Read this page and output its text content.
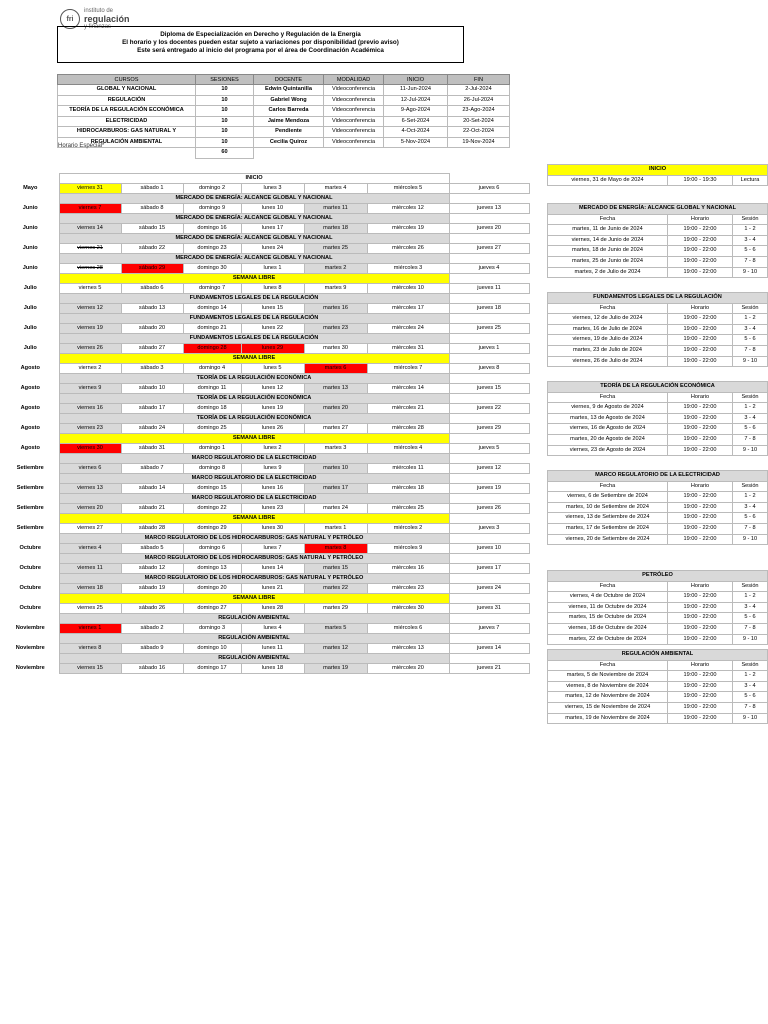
fri
instituto de
regulación
y finanzas
Diploma de Especialización en Derecho y Regulación de la Energía
El horario y los docentes pueden estar sujeto a variaciones por disponibilidad (previo aviso)
Este será entregado al inicio del programa por el área de Coordinación Académica
CURSOS	SESIONES	DOCENTE	MODALIDAD	INICIO	FIN
GLOBAL Y NACIONAL	10	Edwin Quintanilla	Videoconferencia	11-Jun-2024	2-Jul-2024
REGULACIÓN	10	Gabriel Wong	Videoconferencia	12-Jul-2024	26-Jul-2024
TEORÍA DE LA REGULACIÓN ECONÓMICA	10	Carlos Barreda	Videoconferencia	9-Ago-2024	23-Ago-2024
ELECTRICIDAD	10	Jaime Mendoza	Videoconferencia	6-Set-2024	20-Set-2024
HIDROCARBUROS: GAS NATURAL Y	10	Pendiente	Videoconferencia	4-Oct-2024	22-Oct-2024
REGULACIÓN AMBIENTAL	10	Cecilia Quiroz	Videoconferencia	5-Nov-2024	19-Nov-2024
	60				
Horario Especial*
	INICIO						
Mayo	viernes 31	sábado 1	domingo 2	lunes 3	martes 4	miércoles 5	jueves 6
	MERCADO DE ENERGÍA: ALCANCE GLOBAL Y NACIONAL						
Junio	viernes 7	sábado 8	domingo 9	lunes 10	martes 11	miércoles 12	jueves 13
	MERCADO DE ENERGÍA: ALCANCE GLOBAL Y NACIONAL						
Junio	viernes 14	sábado 15	domingo 16	lunes 17	martes 18	miércoles 19	jueves 20
	MERCADO DE ENERGÍA: ALCANCE GLOBAL Y NACIONAL						
Junio	viernes 21	sábado 22	domingo 23	lunes 24	martes 25	miércoles 26	jueves 27
	MERCADO DE ENERGÍA: ALCANCE GLOBAL Y NACIONAL						
Junio	viernes 28	sábado 29	domingo 30	lunes 1	martes 2	miércoles 3	jueves 4
	SEMANA LIBRE						
Julio	viernes 5	sábado 6	domingo 7	lunes 8	martes 9	miércoles 10	jueves 11
	FUNDAMENTOS LEGALES DE LA REGULACIÓN						
Julio	viernes 12	sábado 13	domingo 14	lunes 15	martes 16	miércoles 17	jueves 18
	FUNDAMENTOS LEGALES DE LA REGULACIÓN						
Julio	viernes 19	sábado 20	domingo 21	lunes 22	martes 23	miércoles 24	jueves 25
	FUNDAMENTOS LEGALES DE LA REGULACIÓN						
Julio	viernes 26	sábado 27	domingo 28	lunes 29	martes 30	miércoles 31	jueves 1
	SEMANA LIBRE						
Agosto	viernes 2	sábado 3	domingo 4	lunes 5	martes 6	miércoles 7	jueves 8
	TEORÍA DE LA REGULACIÓN ECONÓMICA						
Agosto	viernes 9	sábado 10	domingo 11	lunes 12	martes 13	miércoles 14	jueves 15
	TEORÍA DE LA REGULACIÓN ECONÓMICA						
Agosto	viernes 16	sábado 17	domingo 18	lunes 19	martes 20	miércoles 21	jueves 22
	TEORÍA DE LA REGULACIÓN ECONÓMICA						
Agosto	viernes 23	sábado 24	domingo 25	lunes 26	martes 27	miércoles 28	jueves 29
	SEMANA LIBRE						
Agosto	viernes 30	sábado 31	domingo 1	lunes 2	martes 3	miércoles 4	jueves 5
	MARCO REGULATORIO DE LA ELECTRICIDAD						
Setiembre	viernes 6	sábado 7	domingo 8	lunes 9	martes 10	miércoles 11	jueves 12
	MARCO REGULATORIO DE LA ELECTRICIDAD						
Setiembre	viernes 13	sábado 14	domingo 15	lunes 16	martes 17	miércoles 18	jueves 19
	MARCO REGULATORIO DE LA ELECTRICIDAD						
Setiembre	viernes 20	sábado 21	domingo 22	lunes 23	martes 24	miércoles 25	jueves 26
	SEMANA LIBRE						
Setiembre	viernes 27	sábado 28	domingo 29	lunes 30	martes 1	miércoles 2	jueves 3
	MARCO REGULATORIO DE LOS HIDROCARBUROS: GAS NATURAL Y PETRÓLEO						
Octubre	viernes 4	sábado 5	domingo 6	lunes 7	martes 8	miércoles 9	jueves 10
	MARCO REGULATORIO DE LOS HIDROCARBUROS: GAS NATURAL Y PETRÓLEO						
Octubre	viernes 11	sábado 12	domingo 13	lunes 14	martes 15	miércoles 16	jueves 17
	MARCO REGULATORIO DE LOS HIDROCARBUROS: GAS NATURAL Y PETRÓLEO						
Octubre	viernes 18	sábado 19	domingo 20	lunes 21	martes 22	miércoles 23	jueves 24
	SEMANA LIBRE						
Octubre	viernes 25	sábado 26	domingo 27	lunes 28	martes 29	miércoles 30	jueves 31
	REGULACIÓN AMBIENTAL						
Noviembre	viernes 1	sábado 2	domingo 3	lunes 4	martes 5	miércoles 6	jueves 7
	REGULACIÓN AMBIENTAL						
Noviembre	viernes 8	sábado 9	domingo 10	lunes 11	martes 12	miércoles 13	jueves 14
	REGULACIÓN AMBIENTAL						
Noviembre	viernes 15	sábado 16	domingo 17	lunes 18	martes 19	miércoles 20	jueves 21
INICIO
viernes, 31 de Mayo de 2024	19:00 - 19:30	Lectura
MERCADO DE ENERGÍA: ALCANCE GLOBAL Y NACIONAL		
Fecha	Horario	Sesión
martes, 11 de Junio de 2024	19:00 - 22:00	1 - 2
viernes, 14 de Junio de 2024	19:00 - 22:00	3 - 4
martes, 18 de Junio de 2024	19:00 - 22:00	5 - 6
martes, 25 de Junio de 2024	19:00 - 22:00	7 - 8
martes, 2 de Julio de 2024	19:00 - 22:00	9 - 10
FUNDAMENTOS LEGALES DE LA REGULACIÓN		
Fecha	Horario	Sesión
viernes, 12 de Julio de 2024	19:00 - 22:00	1 - 2
martes, 16 de Julio de 2024	19:00 - 22:00	3 - 4
viernes, 19 de Julio de 2024	19:00 - 22:00	5 - 6
martes, 23 de Julio de 2024	19:00 - 22:00	7 - 8
viernes, 26 de Julio de 2024	19:00 - 22:00	9 - 10
TEORÍA DE LA REGULACIÓN ECONÓMICA		
Fecha	Horario	Sesión
viernes, 9 de Agosto de 2024	19:00 - 22:00	1 - 2
martes, 13 de Agosto de 2024	19:00 - 22:00	3 - 4
viernes, 16 de Agosto de 2024	19:00 - 22:00	5 - 6
martes, 20 de Agosto de 2024	19:00 - 22:00	7 - 8
viernes, 23 de Agosto de 2024	19:00 - 22:00	9 - 10
MARCO REGULATORIO DE LA ELECTRICIDAD		
Fecha	Horario	Sesión
viernes, 6 de Setiembre de 2024	19:00 - 22:00	1 - 2
martes, 10 de Setiembre de 2024	19:00 - 22:00	3 - 4
viernes, 13 de Setiembre de 2024	19:00 - 22:00	5 - 6
martes, 17 de Setiembre de 2024	19:00 - 22:00	7 - 8
viernes, 20 de Setiembre de 2024	19:00 - 22:00	9 - 10
PETRÓLEO		
Fecha	Horario	Sesión
viernes, 4 de Octubre de 2024	19:00 - 22:00	1 - 2
viernes, 11 de Octubre de 2024	19:00 - 22:00	3 - 4
martes, 15 de Octubre de 2024	19:00 - 22:00	5 - 6
viernes, 18 de Octubre de 2024	19:00 - 22:00	7 - 8
martes, 22 de Octubre de 2024	19:00 - 22:00	9 - 10
REGULACIÓN AMBIENTAL		
Fecha	Horario	Sesión
martes, 5 de Noviembre de 2024	19:00 - 22:00	1 - 2
viernes, 8 de Noviembre de 2024	19:00 - 22:00	3 - 4
martes, 12 de Noviembre de 2024	19:00 - 22:00	5 - 6
viernes, 15 de Noviembre de 2024	19:00 - 22:00	7 - 8
martes, 19 de Noviembre de 2024	19:00 - 22:00	9 - 10
